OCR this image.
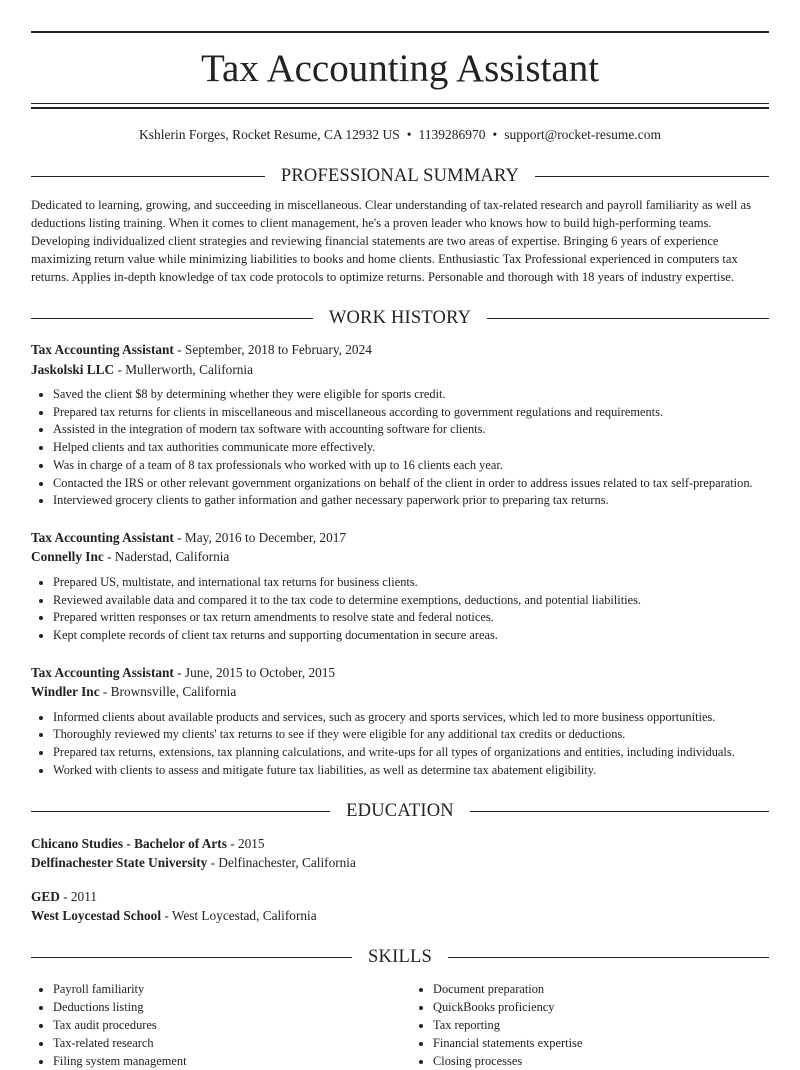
Tax Accounting Assistant
Kshlerin Forges, Rocket Resume, CA 12932 US • 1139286970 • support@rocket-resume.com
PROFESSIONAL SUMMARY
Dedicated to learning, growing, and succeeding in miscellaneous. Clear understanding of tax-related research and payroll familiarity as well as deductions listing training. When it comes to client management, he's a proven leader who knows how to build high-performing teams. Developing individualized client strategies and reviewing financial statements are two areas of expertise. Bringing 6 years of experience maximizing return value while minimizing liabilities to books and home clients. Enthusiastic Tax Professional experienced in computers tax returns. Applies in-depth knowledge of tax code protocols to optimize returns. Personable and thorough with 18 years of industry expertise.
WORK HISTORY
Tax Accounting Assistant - September, 2018 to February, 2024
Jaskolski LLC - Mullerworth, California
• Saved the client $8 by determining whether they were eligible for sports credit.
• Prepared tax returns for clients in miscellaneous and miscellaneous according to government regulations and requirements.
• Assisted in the integration of modern tax software with accounting software for clients.
• Helped clients and tax authorities communicate more effectively.
• Was in charge of a team of 8 tax professionals who worked with up to 16 clients each year.
• Contacted the IRS or other relevant government organizations on behalf of the client in order to address issues related to tax self-preparation.
• Interviewed grocery clients to gather information and gather necessary paperwork prior to preparing tax returns.
Tax Accounting Assistant - May, 2016 to December, 2017
Connelly Inc - Naderstad, California
• Prepared US, multistate, and international tax returns for business clients.
• Reviewed available data and compared it to the tax code to determine exemptions, deductions, and potential liabilities.
• Prepared written responses or tax return amendments to resolve state and federal notices.
• Kept complete records of client tax returns and supporting documentation in secure areas.
Tax Accounting Assistant - June, 2015 to October, 2015
Windler Inc - Brownsville, California
• Informed clients about available products and services, such as grocery and sports services, which led to more business opportunities.
• Thoroughly reviewed my clients' tax returns to see if they were eligible for any additional tax credits or deductions.
• Prepared tax returns, extensions, tax planning calculations, and write-ups for all types of organizations and entities, including individuals.
• Worked with clients to assess and mitigate future tax liabilities, as well as determine tax abatement eligibility.
EDUCATION
Chicano Studies - Bachelor of Arts - 2015
Delfinachester State University - Delfinachester, California
GED - 2011
West Loycestad School - West Loycestad, California
SKILLS
• Payroll familiarity
• Deductions listing
• Tax audit procedures
• Tax-related research
• Filing system management
• Document preparation
• QuickBooks proficiency
• Tax reporting
• Financial statements expertise
• Closing processes
